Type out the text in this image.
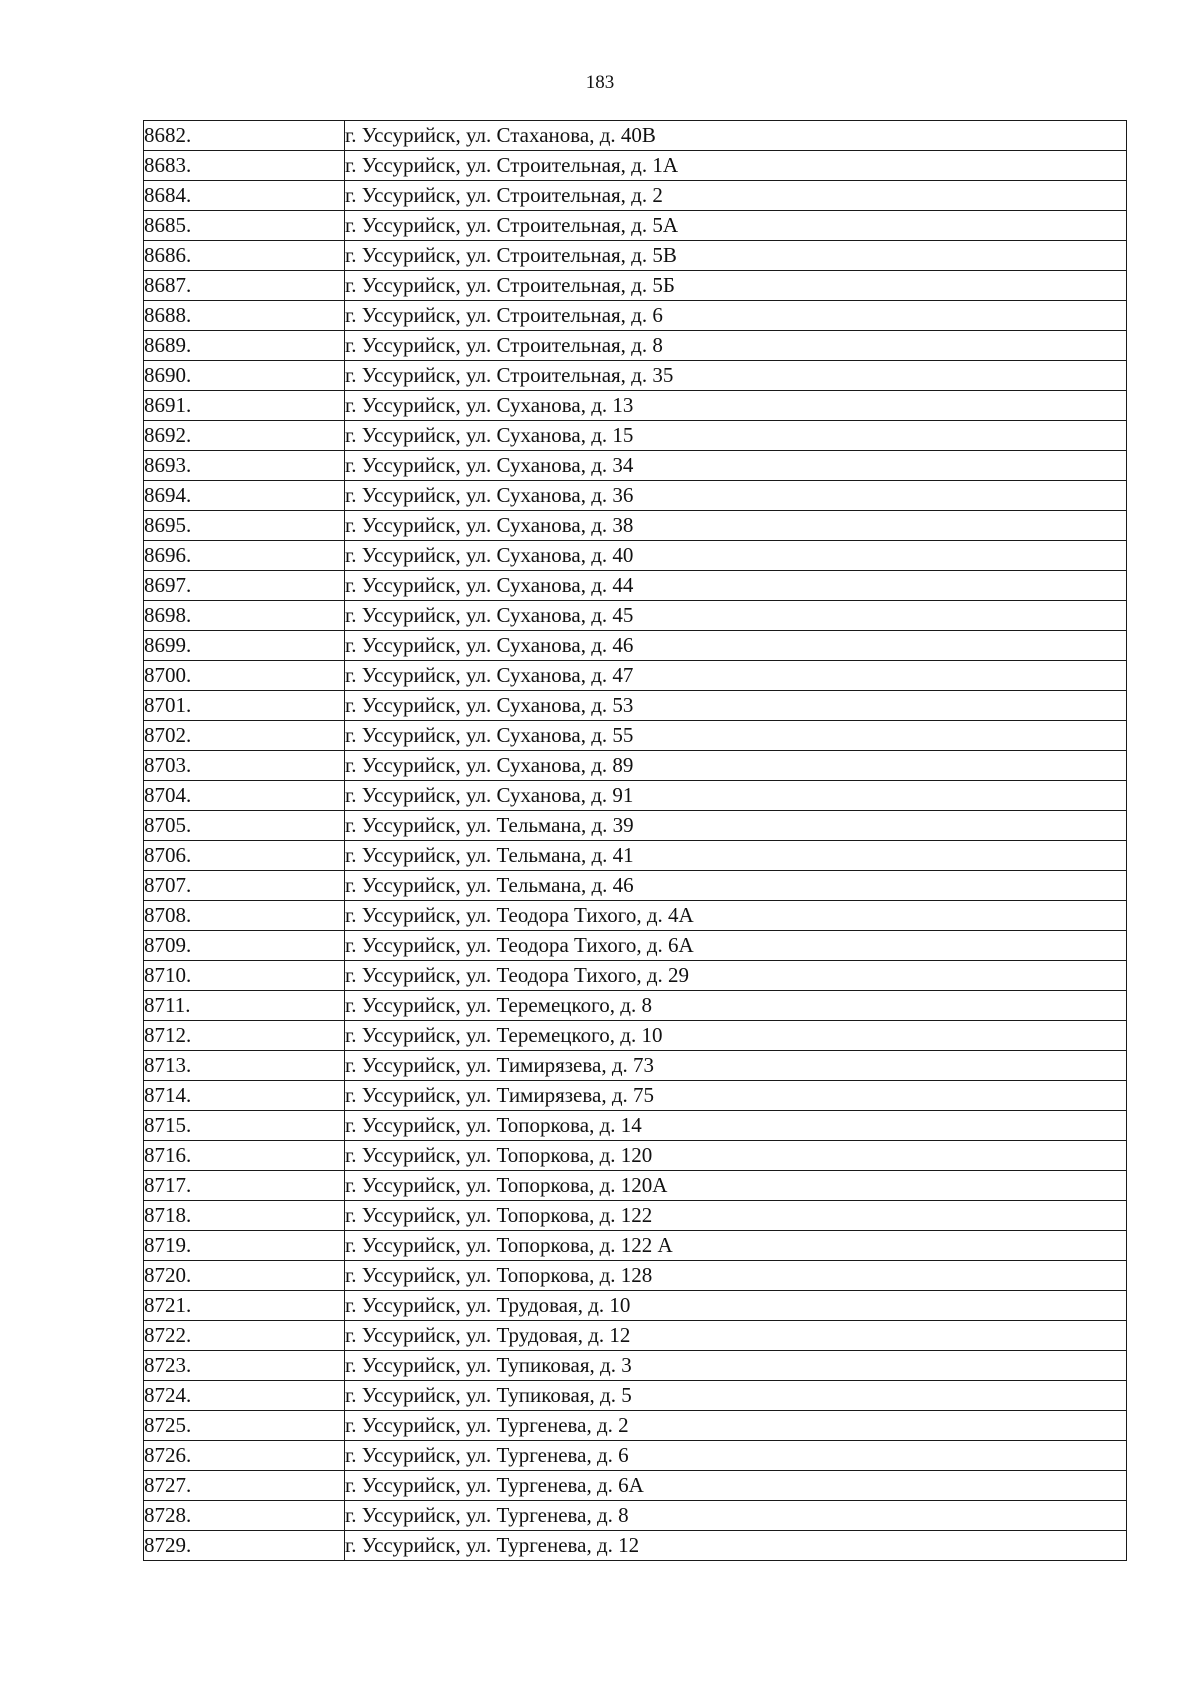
183
8682.	г. Уссурийск, ул. Стаханова, д. 40В
8683.	г. Уссурийск, ул. Строительная, д. 1А
8684.	г. Уссурийск, ул. Строительная, д. 2
8685.	г. Уссурийск, ул. Строительная, д. 5А
8686.	г. Уссурийск, ул. Строительная, д. 5В
8687.	г. Уссурийск, ул. Строительная, д. 5Б
8688.	г. Уссурийск, ул. Строительная, д. 6
8689.	г. Уссурийск, ул. Строительная, д. 8
8690.	г. Уссурийск, ул. Строительная, д. 35
8691.	г. Уссурийск, ул. Суханова, д. 13
8692.	г. Уссурийск, ул. Суханова, д. 15
8693.	г. Уссурийск, ул. Суханова, д. 34
8694.	г. Уссурийск, ул. Суханова, д. 36
8695.	г. Уссурийск, ул. Суханова, д. 38
8696.	г. Уссурийск, ул. Суханова, д. 40
8697.	г. Уссурийск, ул. Суханова, д. 44
8698.	г. Уссурийск, ул. Суханова, д. 45
8699.	г. Уссурийск, ул. Суханова, д. 46
8700.	г. Уссурийск, ул. Суханова, д. 47
8701.	г. Уссурийск, ул. Суханова, д. 53
8702.	г. Уссурийск, ул. Суханова, д. 55
8703.	г. Уссурийск, ул. Суханова, д. 89
8704.	г. Уссурийск, ул. Суханова, д. 91
8705.	г. Уссурийск, ул. Тельмана, д. 39
8706.	г. Уссурийск, ул. Тельмана, д. 41
8707.	г. Уссурийск, ул. Тельмана, д. 46
8708.	г. Уссурийск, ул. Теодора Тихого, д. 4А
8709.	г. Уссурийск, ул. Теодора Тихого, д. 6А
8710.	г. Уссурийск, ул. Теодора Тихого, д. 29
8711.	г. Уссурийск, ул. Теремецкого, д. 8
8712.	г. Уссурийск, ул. Теремецкого, д. 10
8713.	г. Уссурийск, ул. Тимирязева, д. 73
8714.	г. Уссурийск, ул. Тимирязева, д. 75
8715.	г. Уссурийск, ул. Топоркова, д. 14
8716.	г. Уссурийск, ул. Топоркова, д. 120
8717.	г. Уссурийск, ул. Топоркова, д. 120А
8718.	г. Уссурийск, ул. Топоркова, д. 122
8719.	г. Уссурийск, ул. Топоркова, д. 122 А
8720.	г. Уссурийск, ул. Топоркова, д. 128
8721.	г. Уссурийск, ул. Трудовая, д. 10
8722.	г. Уссурийск, ул. Трудовая, д. 12
8723.	г. Уссурийск, ул. Тупиковая, д. 3
8724.	г. Уссурийск, ул. Тупиковая, д. 5
8725.	г. Уссурийск, ул. Тургенева, д. 2
8726.	г. Уссурийск, ул. Тургенева, д. 6
8727.	г. Уссурийск, ул. Тургенева, д. 6А
8728.	г. Уссурийск, ул. Тургенева, д. 8
8729.	г. Уссурийск, ул. Тургенева, д. 12
